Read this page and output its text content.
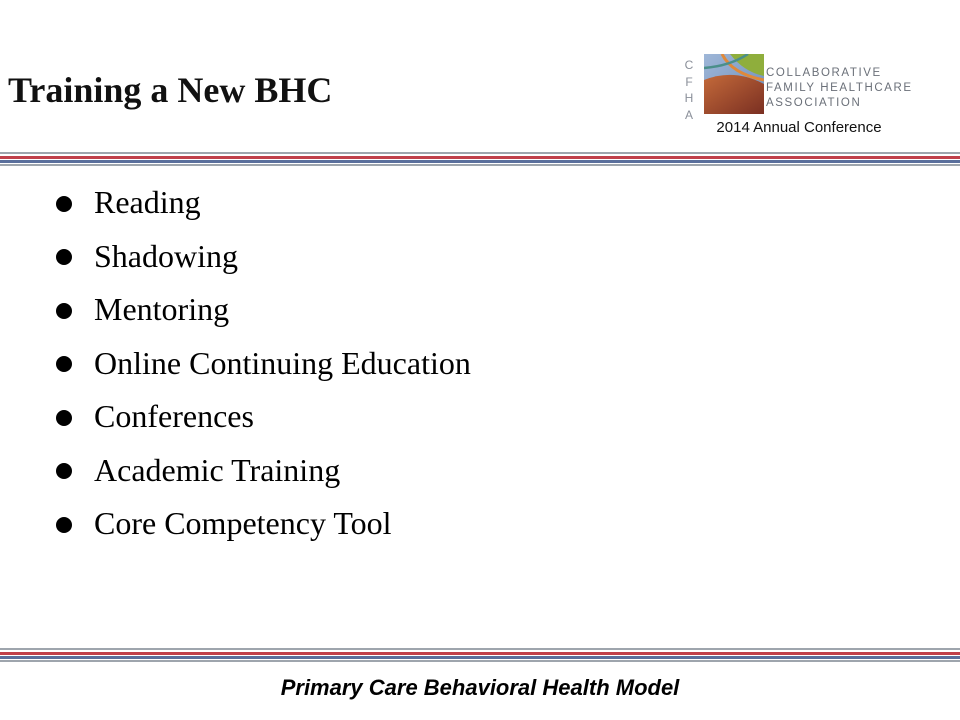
Training a New BHC
C
F
H
A
COLLABORATIVE
FAMILY HEALTHCARE
ASSOCIATION
2014 Annual Conference
Reading
Shadowing
Mentoring
Online Continuing Education
Conferences
Academic Training
Core Competency Tool
Primary Care Behavioral Health Model
